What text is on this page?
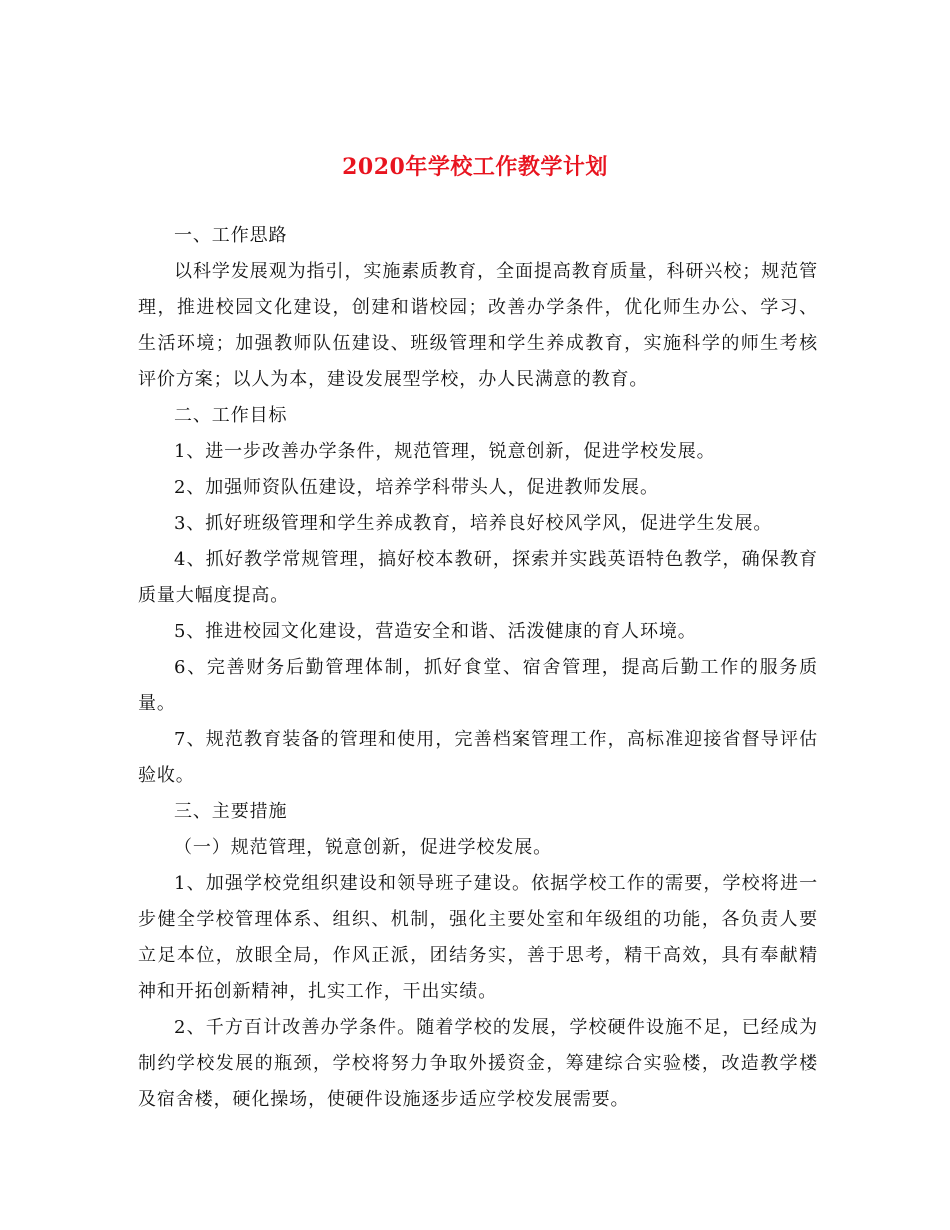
2020年学校工作教学计划

一、工作思路

以科学发展观为指引，实施素质教育，全面提高教育质量，科研兴校；规范管理，推进校园文化建设，创建和谐校园；改善办学条件，优化师生办公、学习、生活环境；加强教师队伍建设、班级管理和学生养成教育，实施科学的师生考核评价方案；以人为本，建设发展型学校，办人民满意的教育。

二、工作目标

1、进一步改善办学条件，规范管理，锐意创新，促进学校发展。

2、加强师资队伍建设，培养学科带头人，促进教师发展。

3、抓好班级管理和学生养成教育，培养良好校风学风，促进学生发展。

4、抓好教学常规管理，搞好校本教研，探索并实践英语特色教学，确保教育质量大幅度提高。

5、推进校园文化建设，营造安全和谐、活泼健康的育人环境。

6、完善财务后勤管理体制，抓好食堂、宿舍管理，提高后勤工作的服务质量。

7、规范教育装备的管理和使用，完善档案管理工作，高标准迎接省督导评估验收。

三、主要措施

（一）规范管理，锐意创新，促进学校发展。

1、加强学校党组织建设和领导班子建设。依据学校工作的需要，学校将进一步健全学校管理体系、组织、机制，强化主要处室和年级组的功能，各负责人要立足本位，放眼全局，作风正派，团结务实，善于思考，精干高效，具有奉献精神和开拓创新精神，扎实工作，干出实绩。

2、千方百计改善办学条件。随着学校的发展，学校硬件设施不足，已经成为制约学校发展的瓶颈，学校将努力争取外援资金，筹建综合实验楼，改造教学楼及宿舍楼，硬化操场，使硬件设施逐步适应学校发展需要。
